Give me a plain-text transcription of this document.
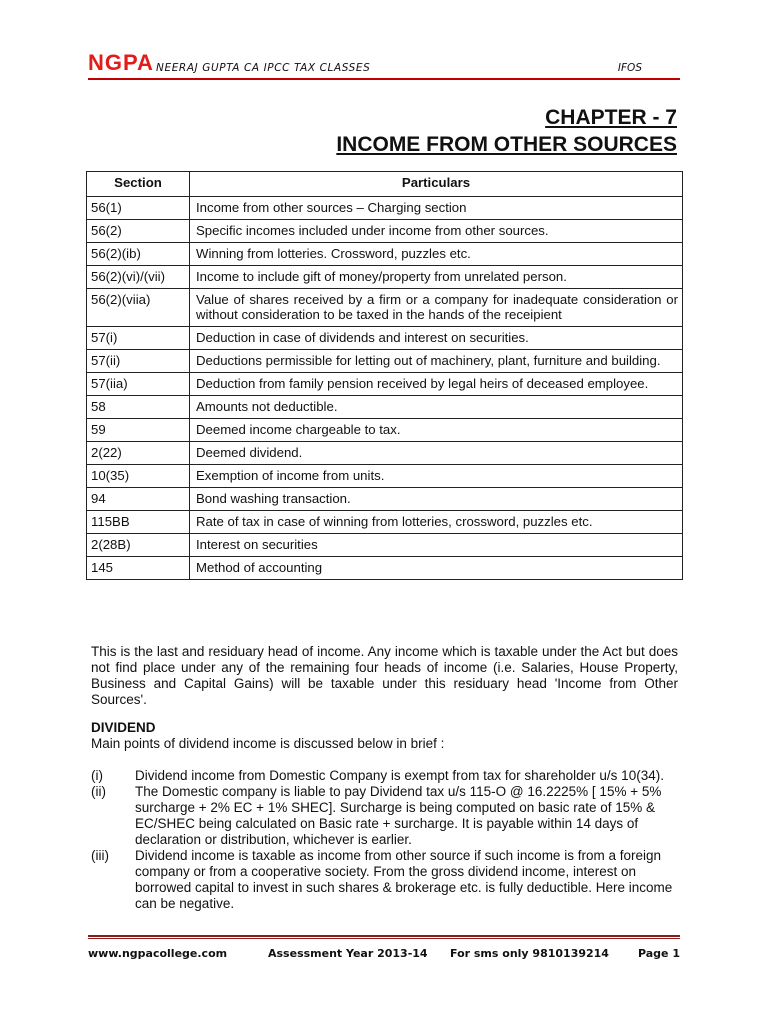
NGPA NEERAJ GUPTA CA IPCC TAX CLASSES	IFOS
CHAPTER - 7
INCOME FROM OTHER SOURCES
Section	Particulars
56(1)	Income from other sources – Charging section
56(2)	Specific incomes included under income from other sources.
56(2)(ib)	Winning from lotteries. Crossword, puzzles etc.
56(2)(vi)/(vii)	Income to include gift of money/property from unrelated person.
56(2)(viia)	Value of shares received by a firm or a company for inadequate consideration or without consideration to be taxed in the hands of the receipient
57(i)	Deduction in case of dividends and interest on securities.
57(ii)	Deductions permissible for letting out of machinery, plant, furniture and building.
57(iia)	Deduction from family pension received by legal heirs of deceased employee.
58	Amounts not deductible.
59	Deemed income chargeable to tax.
2(22)	Deemed dividend.
10(35)	Exemption of income from units.
94	Bond washing transaction.
115BB	Rate of tax in case of winning from lotteries, crossword, puzzles etc.
2(28B)	Interest on securities
145	Method of accounting

This is the last and residuary head of income. Any income which is taxable under the Act but does not find place under any of the remaining four heads of income (i.e. Salaries, House Property, Business and Capital Gains) will be taxable under this residuary head 'Income from Other Sources'.

DIVIDEND

Main points of dividend income is discussed below in brief :

(i)	Dividend income from Domestic Company is exempt from tax for shareholder u/s 10(34).
(ii)	The Domestic company is liable to pay Dividend tax u/s 115-O @ 16.2225% [ 15% + 5% surcharge + 2% EC + 1% SHEC]. Surcharge is being computed on basic rate of 15% & EC/SHEC being calculated on Basic rate + surcharge. It is payable within 14 days of declaration or distribution, whichever is earlier.
(iii)	Dividend income is taxable as income from other source if such income is from a foreign company or from a cooperative society. From the gross dividend income, interest on borrowed capital to invest in such shares & brokerage etc. is fully deductible. Here income can be negative.
www.ngpacollege.com	Assessment Year 2013-14 For sms only 9810139214	Page 1
